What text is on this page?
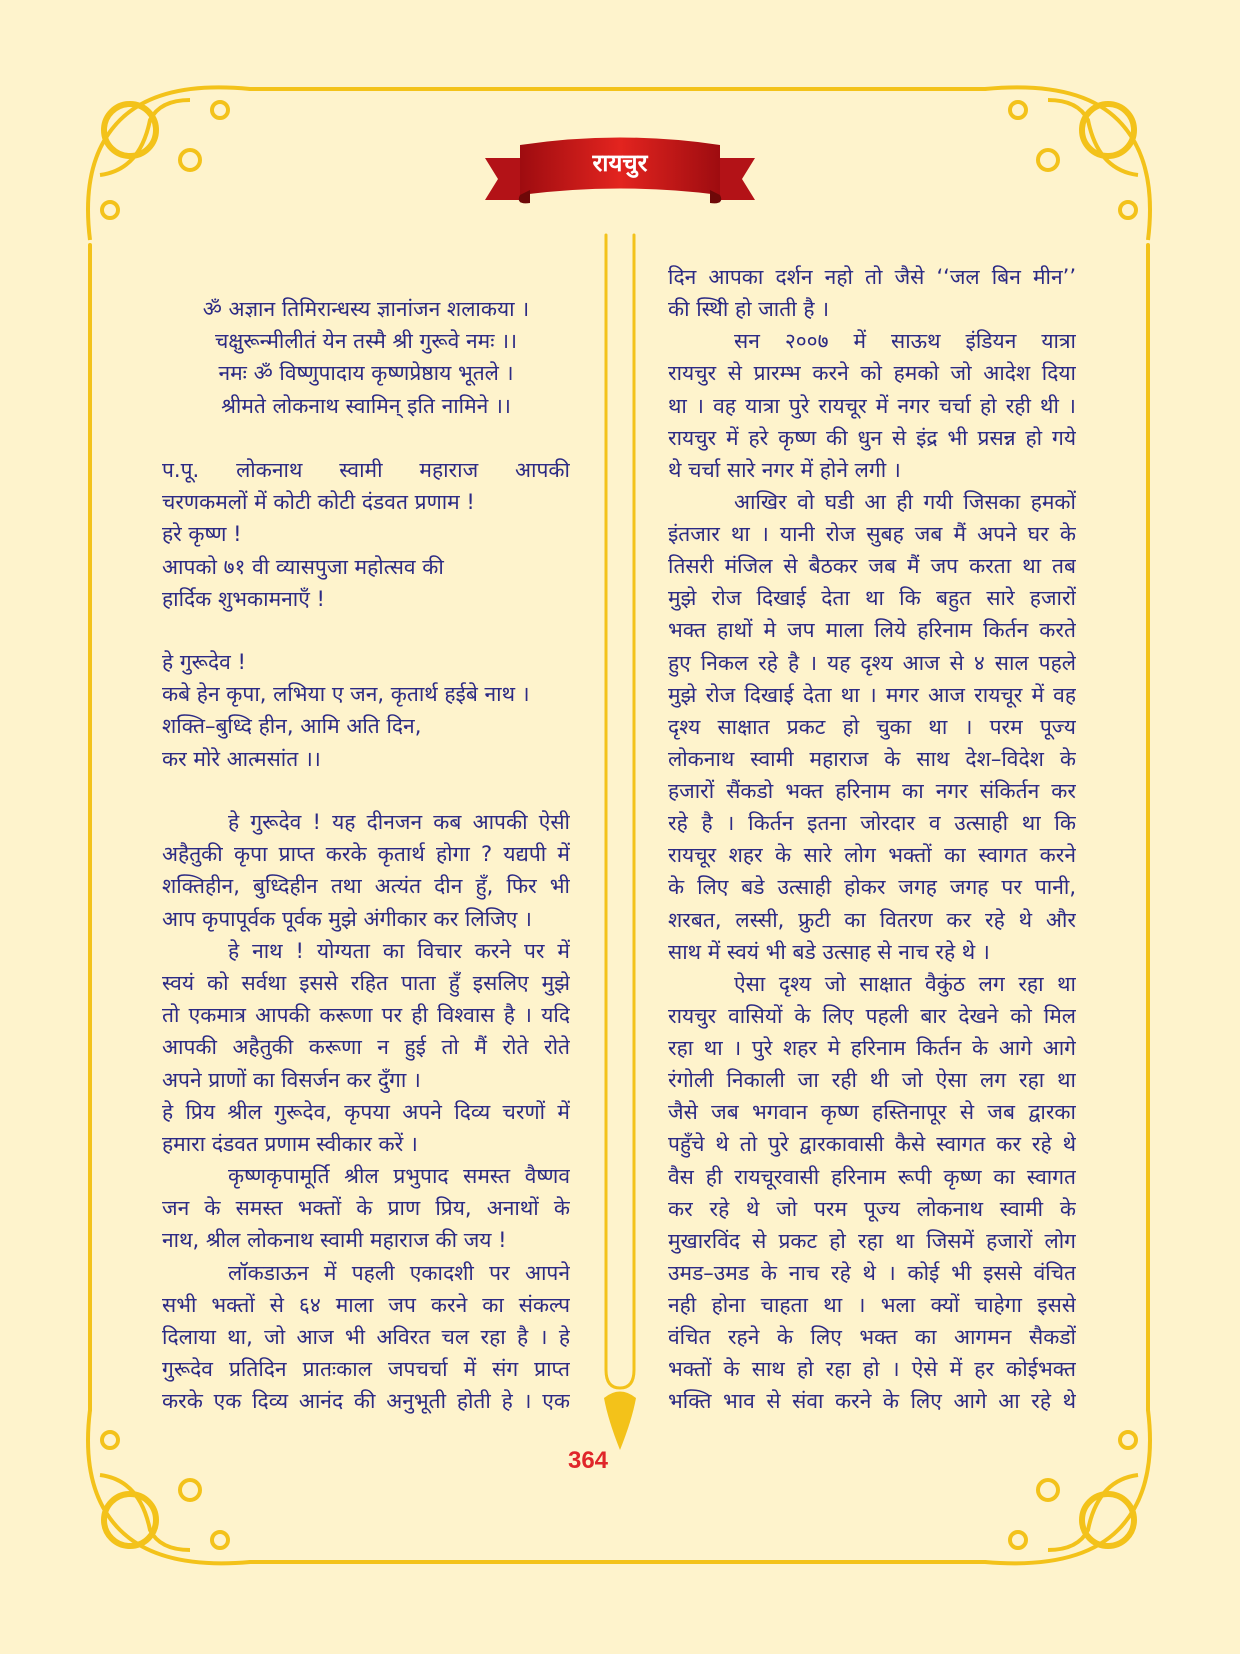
रायचुर
ॐ अज्ञान तिमिरान्धस्य ज्ञानांजन शलाकया ।
चक्षुरून्मीलीतं येन तस्मै श्री गुरूवे नमः ।।
नमः ॐ विष्णुपादाय कृष्णप्रेष्ठाय भूतले ।
श्रीमते लोकनाथ स्वामिन् इति नामिने ।।
प.पू. लोकनाथ स्वामी महाराज आपकी
चरणकमलों में कोटी कोटी दंडवत प्रणाम !
हरे कृष्ण !
आपको ७१ वी व्यासपुजा महोत्सव की
हार्दिक शुभकामनाएँ !
हे गुरूदेव !
कबे हेन कृपा, लभिया ए जन, कृतार्थ हईबे नाथ ।
शक्ति–बुध्दि हीन, आमि अति दिन,
कर मोरे आत्मसांत ।।
हे गुरूदेव ! यह दीनजन कब आपकी ऐसी
अहैतुकी कृपा प्राप्त करके कृतार्थ होगा ? यद्यपी में
शक्तिहीन, बुध्दिहीन तथा अत्यंत दीन हुँ, फिर भी
आप कृपापूर्वक पूर्वक मुझे अंगीकार कर लिजिए ।
हे नाथ ! योग्यता का विचार करने पर में
स्वयं को सर्वथा इससे रहित पाता हुँ इसलिए मुझे
तो एकमात्र आपकी करूणा पर ही विश्वास है । यदि
आपकी अहैतुकी करूणा न हुई तो मैं रोते रोते
अपने प्राणों का विसर्जन कर दुँगा ।
हे प्रिय श्रील गुरूदेव, कृपया अपने दिव्य चरणों में
हमारा दंडवत प्रणाम स्वीकार करें ।
कृष्णकृपामूर्ति श्रील प्रभुपाद समस्त वैष्णव
जन के समस्त भक्तों के प्राण प्रिय, अनाथों के
नाथ, श्रील लोकनाथ स्वामी महाराज की जय !
लॉकडाऊन में पहली एकादशी पर आपने
सभी भक्तों से ६४ माला जप करने का संकल्प
दिलाया था, जो आज भी अविरत चल रहा है । हे
गुरूदेव प्रतिदिन प्रातःकाल जपचर्चा में संग प्राप्त
करके एक दिव्य आनंद की अनुभूती होती हे । एक
दिन आपका दर्शन नहो तो जैसे ‘‘जल बिन मीन’’
की स्थिी हो जाती है ।
सन २००७ में साऊथ इंडियन यात्रा
रायचुर से प्रारम्भ करने को हमको जो आदेश दिया
था । वह यात्रा पुरे रायचूर में नगर चर्चा हो रही थी ।
रायचुर में हरे कृष्ण की धुन से इंद्र भी प्रसन्न हो गये
थे चर्चा सारे नगर में होने लगी ।
आखिर वो घडी आ ही गयी जिसका हमकों
इंतजार था । यानी रोज सुबह जब मैं अपने घर के
तिसरी मंजिल से बैठकर जब मैं जप करता था तब
मुझे रोज दिखाई देता था कि बहुत सारे हजारों
भक्त हाथों मे जप माला लिये हरिनाम किर्तन करते
हुए निकल रहे है । यह दृश्य आज से ४ साल पहले
मुझे रोज दिखाई देता था । मगर आज रायचूर में वह
दृश्य साक्षात प्रकट हो चुका था । परम पूज्य
लोकनाथ स्वामी महाराज के साथ देश–विदेश के
हजारों सैंकडो भक्त हरिनाम का नगर संकिर्तन कर
रहे है । किर्तन इतना जोरदार व उत्साही था कि
रायचूर शहर के सारे लोग भक्तों का स्वागत करने
के लिए बडे उत्साही होकर जगह जगह पर पानी,
शरबत, लस्सी, फ्रुटी का वितरण कर रहे थे और
साथ में स्वयं भी बडे उत्साह से नाच रहे थे ।
ऐसा दृश्य जो साक्षात वैकुंठ लग रहा था
रायचुर वासियों के लिए पहली बार देखने को मिल
रहा था । पुरे शहर मे हरिनाम किर्तन के आगे आगे
रंगोली निकाली जा रही थी जो ऐसा लग रहा था
जैसे जब भगवान कृष्ण हस्तिनापूर से जब द्वारका
पहुँचे थे तो पुरे द्वारकावासी कैसे स्वागत कर रहे थे
वैस ही रायचूरवासी हरिनाम रूपी कृष्ण का स्वागत
कर रहे थे जो परम पूज्य लोकनाथ स्वामी के
मुखारविंद से प्रकट हो रहा था जिसमें हजारों लोग
उमड–उमड के नाच रहे थे । कोई भी इससे वंचित
नही होना चाहता था । भला क्यों चाहेगा इससे
वंचित रहने के लिए भक्त का आगमन सैकडों
भक्तों के साथ हो रहा हो । ऐसे में हर कोईभक्त
भक्ति भाव से संवा करने के लिए आगे आ रहे थे
364
